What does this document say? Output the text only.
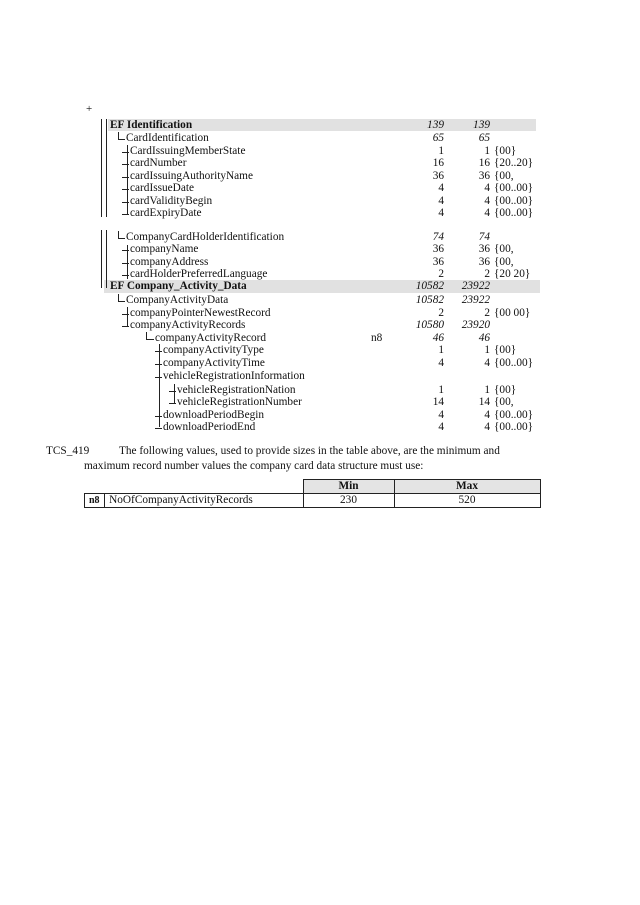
+
EF Identification	139	139
CardIdentification	65	65
CardIssuingMemberState	1	1 {00}
cardNumber	16	16 {20..20}
cardIssuingAuthorityName	36	36 {00,
cardIssueDate	4	4 {00..00}
cardValidityBegin	4	4 {00..00}
cardExpiryDate	4	4 {00..00}
CompanyCardHolderIdentification	74	74
companyName	36	36 {00,
companyAddress	36	36 {00,
cardHolderPreferredLanguage	2	2 {20 20}
EF Company_Activity_Data	10582	23922
CompanyActivityData	10582	23922
companyPointerNewestRecord	2	2 {00 00}
companyActivityRecords	10580	23920
companyActivityRecord	n8	46	46
companyActivityType	1	1 {00}
companyActivityTime	4	4 {00..00}
vehicleRegistrationInformation
vehicleRegistrationNation	1	1 {00}
vehicleRegistrationNumber	14	14 {00,
downloadPeriodBegin	4	4 {00..00}
downloadPeriodEnd	4	4 {00..00}
TCS_419	The following values, used to provide sizes in the table above, are the minimum and
maximum record number values the company card data structure must use:
		Min	Max
n8	NoOfCompanyActivityRecords	230	520
